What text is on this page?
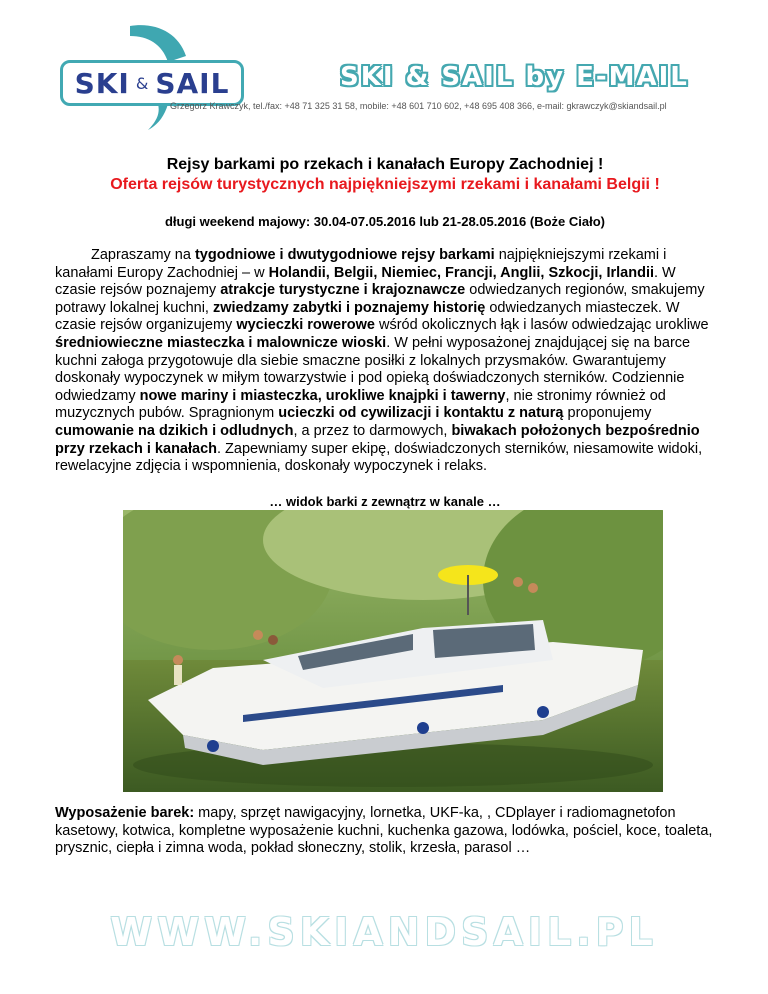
SKI & SAIL	SKI & SAIL by E-MAIL
Grzegorz Krawczyk, tel./fax: +48 71 325 31 58, mobile: +48 601 710 602, +48 695 408 366, e-mail: gkrawczyk@skiandsail.pl

Rejsy barkami po rzekach i kanałach Europy Zachodniej !

Oferta rejsów turystycznych najpiękniejszymi rzekami i kanałami Belgii !

długi weekend majowy: 30.04-07.05.2016 lub 21-28.05.2016 (Boże Ciało)

Zapraszamy na tygodniowe i dwutygodniowe rejsy barkami najpiękniejszymi rzekami i kanałami Europy Zachodniej – w Holandii, Belgii, Niemiec, Francji, Anglii, Szkocji, Irlandii. W czasie rejsów poznajemy atrakcje turystyczne i krajoznawcze odwiedzanych regionów, smakujemy potrawy lokalnej kuchni, zwiedzamy zabytki i poznajemy historię odwiedzanych miasteczek. W czasie rejsów organizujemy wycieczki rowerowe wśród okolicznych łąk i lasów odwiedzając urokliwe średniowieczne miasteczka i malownicze wioski. W pełni wyposażonej znajdującej się na barce kuchni załoga przygotowuje dla siebie smaczne posiłki z lokalnych przysmaków. Gwarantujemy doskonały wypoczynek w miłym towarzystwie i pod opieką doświadczonych sterników. Codziennie odwiedzamy nowe mariny i miasteczka, urokliwe knajpki i tawerny, nie stronimy również od muzycznych pubów. Spragnionym ucieczki od cywilizacji i kontaktu z naturą proponujemy cumowanie na dzikich i odludnych, a przez to darmowych, biwakach położonych bezpośrednio przy rzekach i kanałach. Zapewniamy super ekipę, doświadczonych sterników, niesamowite widoki, rewelacyjne zdjęcia i wspomnienia, doskonały wypoczynek i relaks.

… widok barki z zewnątrz w kanale …

Wyposażenie barek: mapy, sprzęt nawigacyjny, lornetka, UKF-ka, , CDplayer i radiomagnetofon kasetowy, kotwica, kompletne wyposażenie kuchni, kuchenka gazowa, lodówka, pościel, koce, toaleta, prysznic, ciepła i zimna woda, pokład słoneczny, stolik, krzesła, parasol …

WWW.SKIANDSAIL.PL
